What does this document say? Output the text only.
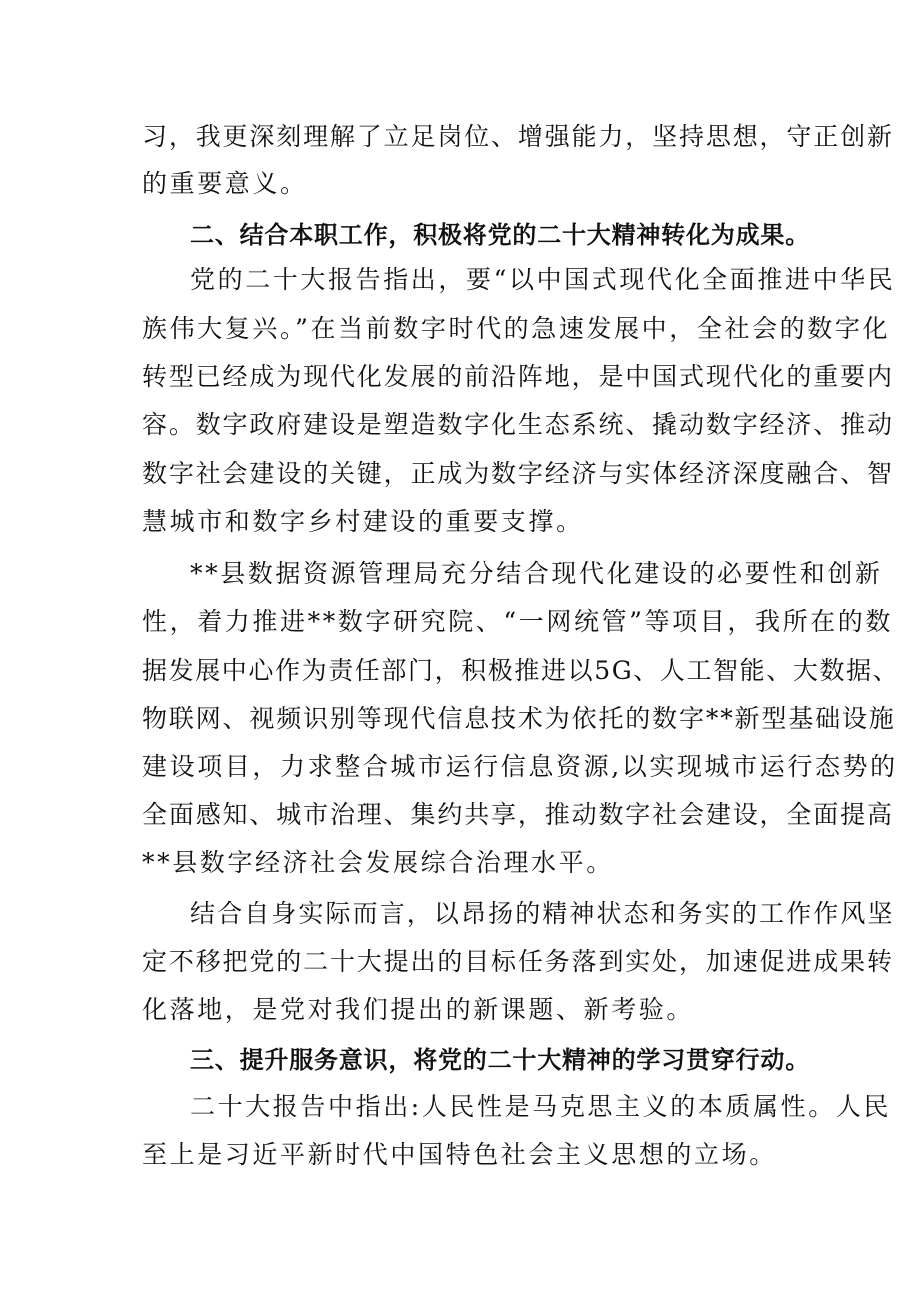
习，我更深刻理解了立足岗位、增强能力，坚持思想，守正创新
的重要意义。
二、结合本职工作，积极将党的二十大精神转化为成果。
党的二十大报告指出，要“以中国式现代化全面推进中华民
族伟大复兴。”在当前数字时代的急速发展中，全社会的数字化
转型已经成为现代化发展的前沿阵地，是中国式现代化的重要内
容。数字政府建设是塑造数字化生态系统、撬动数字经济、推动
数字社会建设的关键，正成为数字经济与实体经济深度融合、智
慧城市和数字乡村建设的重要支撑。
**县数据资源管理局充分结合现代化建设的必要性和创新
性，着力推进**数字研究院、“一网统管”等项目，我所在的数
据发展中心作为责任部门，积极推进以5G、人工智能、大数据、
物联网、视频识别等现代信息技术为依托的数字**新型基础设施
建设项目，力求整合城市运行信息资源,以实现城市运行态势的
全面感知、城市治理、集约共享，推动数字社会建设，全面提高
**县数字经济社会发展综合治理水平。
结合自身实际而言，以昂扬的精神状态和务实的工作作风坚
定不移把党的二十大提出的目标任务落到实处，加速促进成果转
化落地，是党对我们提出的新课题、新考验。
三、提升服务意识，将党的二十大精神的学习贯穿行动。
二十大报告中指出:人民性是马克思主义的本质属性。人民
至上是习近平新时代中国特色社会主义思想的立场。
